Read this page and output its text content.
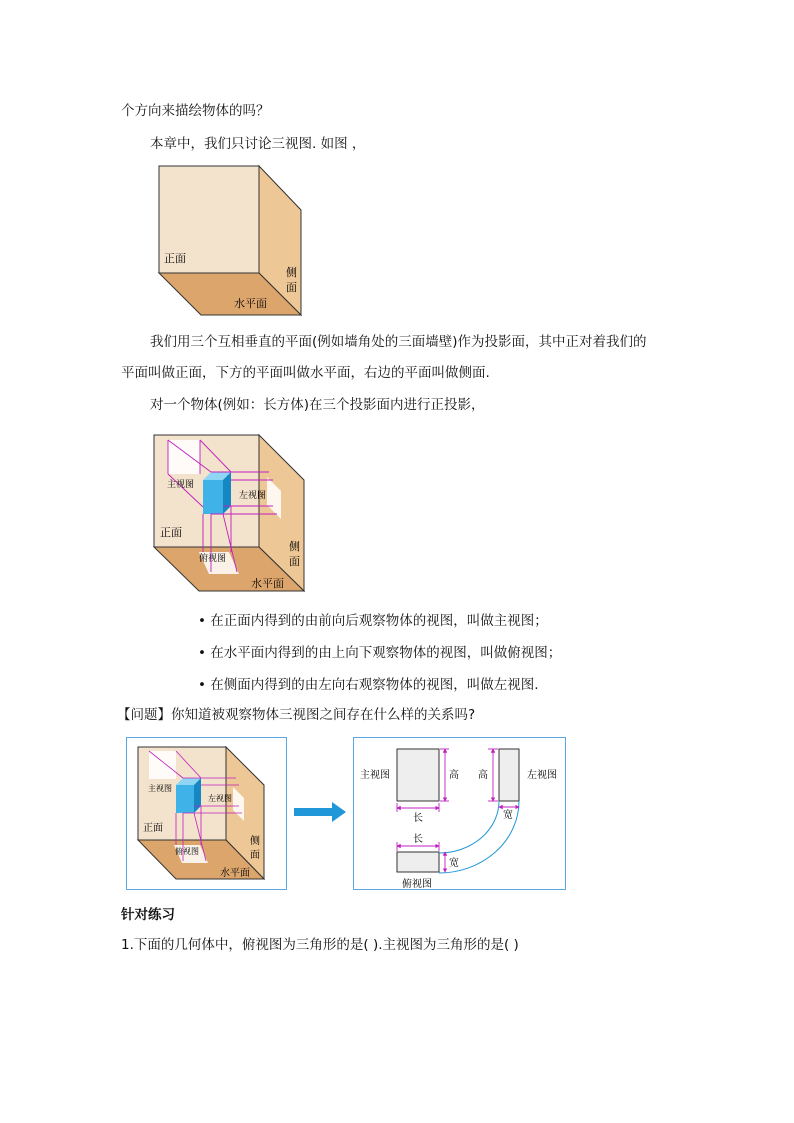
个方向来描绘物体的吗？
本章中，我们只讨论三视图. 如图 ，
正面
侧
面
水平面
我们用三个互相垂直的平面(例如墙角处的三面墙壁)作为投影面，其中正对着我们的
平面叫做正面，下方的平面叫做水平面，右边的平面叫做侧面.
对一个物体(例如：长方体)在三个投影面内进行正投影，
主视图
左视图
俯视图
正面
侧
面
水平面
• 在正面内得到的由前向后观察物体的视图，叫做主视图；
• 在水平面内得到的由上向下观察物体的视图，叫做俯视图；
• 在侧面内得到的由左向右观察物体的视图，叫做左视图.
【问题】你知道被观察物体三视图之间存在什么样的关系吗?
主视图
左视图
俯视图
正面
侧
面
水平面
主视图	左视图
俯视图
高 高
长	宽
长
宽
针对练习
1.下面的几何体中，俯视图为三角形的是( ).主视图为三角形的是( )
